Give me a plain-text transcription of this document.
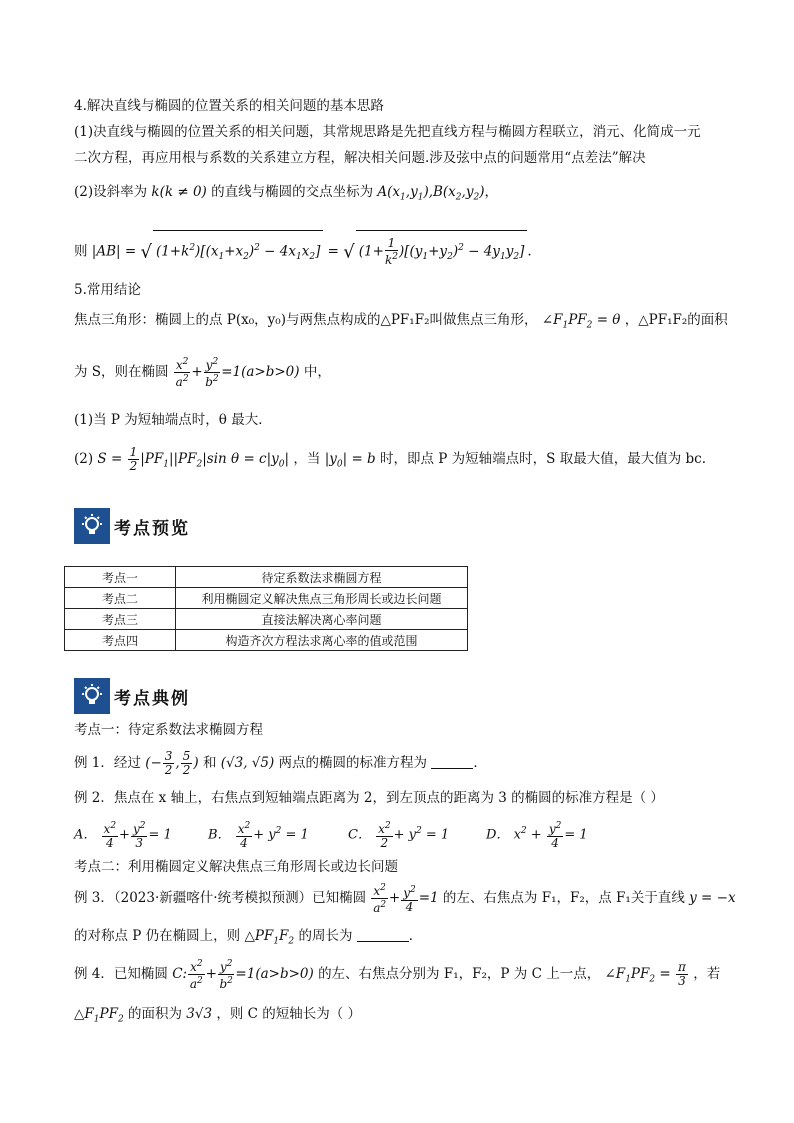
4.解决直线与椭圆的位置关系的相关问题的基本思路
(1)决直线与椭圆的位置关系的相关问题，其常规思路是先把直线方程与椭圆方程联立，消元、化简成一元
二次方程，再应用根与系数的关系建立方程，解决相关问题.涉及弦中点的问题常用“点差法”解决
(2)设斜率为 k(k ≠ 0) 的直线与椭圆的交点坐标为 $A(x_1,y_1),B(x_2,y_2)$，
则 |AB| = √ $(1+k^2)[(x_1+x_2)^2 - 4x_1x_2]$ = √ $(1+ \frac{1}{k^2} )[(y_1+y_2)^2 - 4y_1y_2]$ .
5.常用结论
焦点三角形：椭圆上的点 P(x₀，y₀)与两焦点构成的△PF₁F₂叫做焦点三角形， $\angle F_1PF_2 = \theta$ ，△PF₁F₂的面积
为 S，则在椭圆 $\frac{x^2}{a^2} + \frac{y^2}{b^2} =1(a>b>0)$ 中，
(1)当 P 为短轴端点时，θ 最大．
(2) $S = \frac{1}{2} |PF_1||PF_2|\sin$ $\theta = c|y_0|$ ，当 $|y_0| = b$ 时，即点 P 为短轴端点时，S 取最大值，最大值为 bc.
考点预览
考点一	待定系数法求椭圆方程
考点二	利用椭圆定义解决焦点三角形周长或边长问题
考点三	直接法解决离心率问题
考点四	构造齐次方程法求离心率的值或范围
考点典例
考点一：待定系数法求椭圆方程
例 1．经过 (− $\frac{3}{2}$ , $\frac{5}{2}$ ) 和 (√3, √5) 两点的椭圆的标准方程为	．
例 2．焦点在 x 轴上，右焦点到短轴端点距离为 2，到左顶点的距离为 3 的椭圆的标准方程是（ ）
A． $\frac{x^2}{4} + \frac{y^2}{3} = 1$	B． $\frac{x^2}{4} + y^2 = 1$	C． $\frac{x^2}{2} + y^2 = 1$	D． $x^2 + \frac{y^2}{4} = 1$
考点二：利用椭圆定义解决焦点三角形周长或边长问题
例 3．（2023·新疆喀什·统考模拟预测）已知椭圆 $\frac{x^2}{a^2} + \frac{y^2}{4} =1$ 的左、右焦点为 F₁，F₂，点 F₁关于直线 y = −x
的对称点 P 仍在椭圆上，则 $\triangle PF_1F_2$ 的周长为	．
例 4．已知椭圆 C: $\frac{x^2}{a^2} + \frac{y^2}{b^2} =1(a>b>0)$ 的左、右焦点分别为 F₁，F₂，P 为 C 上一点， $\angle F_1PF_2 = \frac{\pi}{3}$ ，若
$\triangle F_1PF_2$ 的面积为 3√3 ，则 C 的短轴长为（ ）
